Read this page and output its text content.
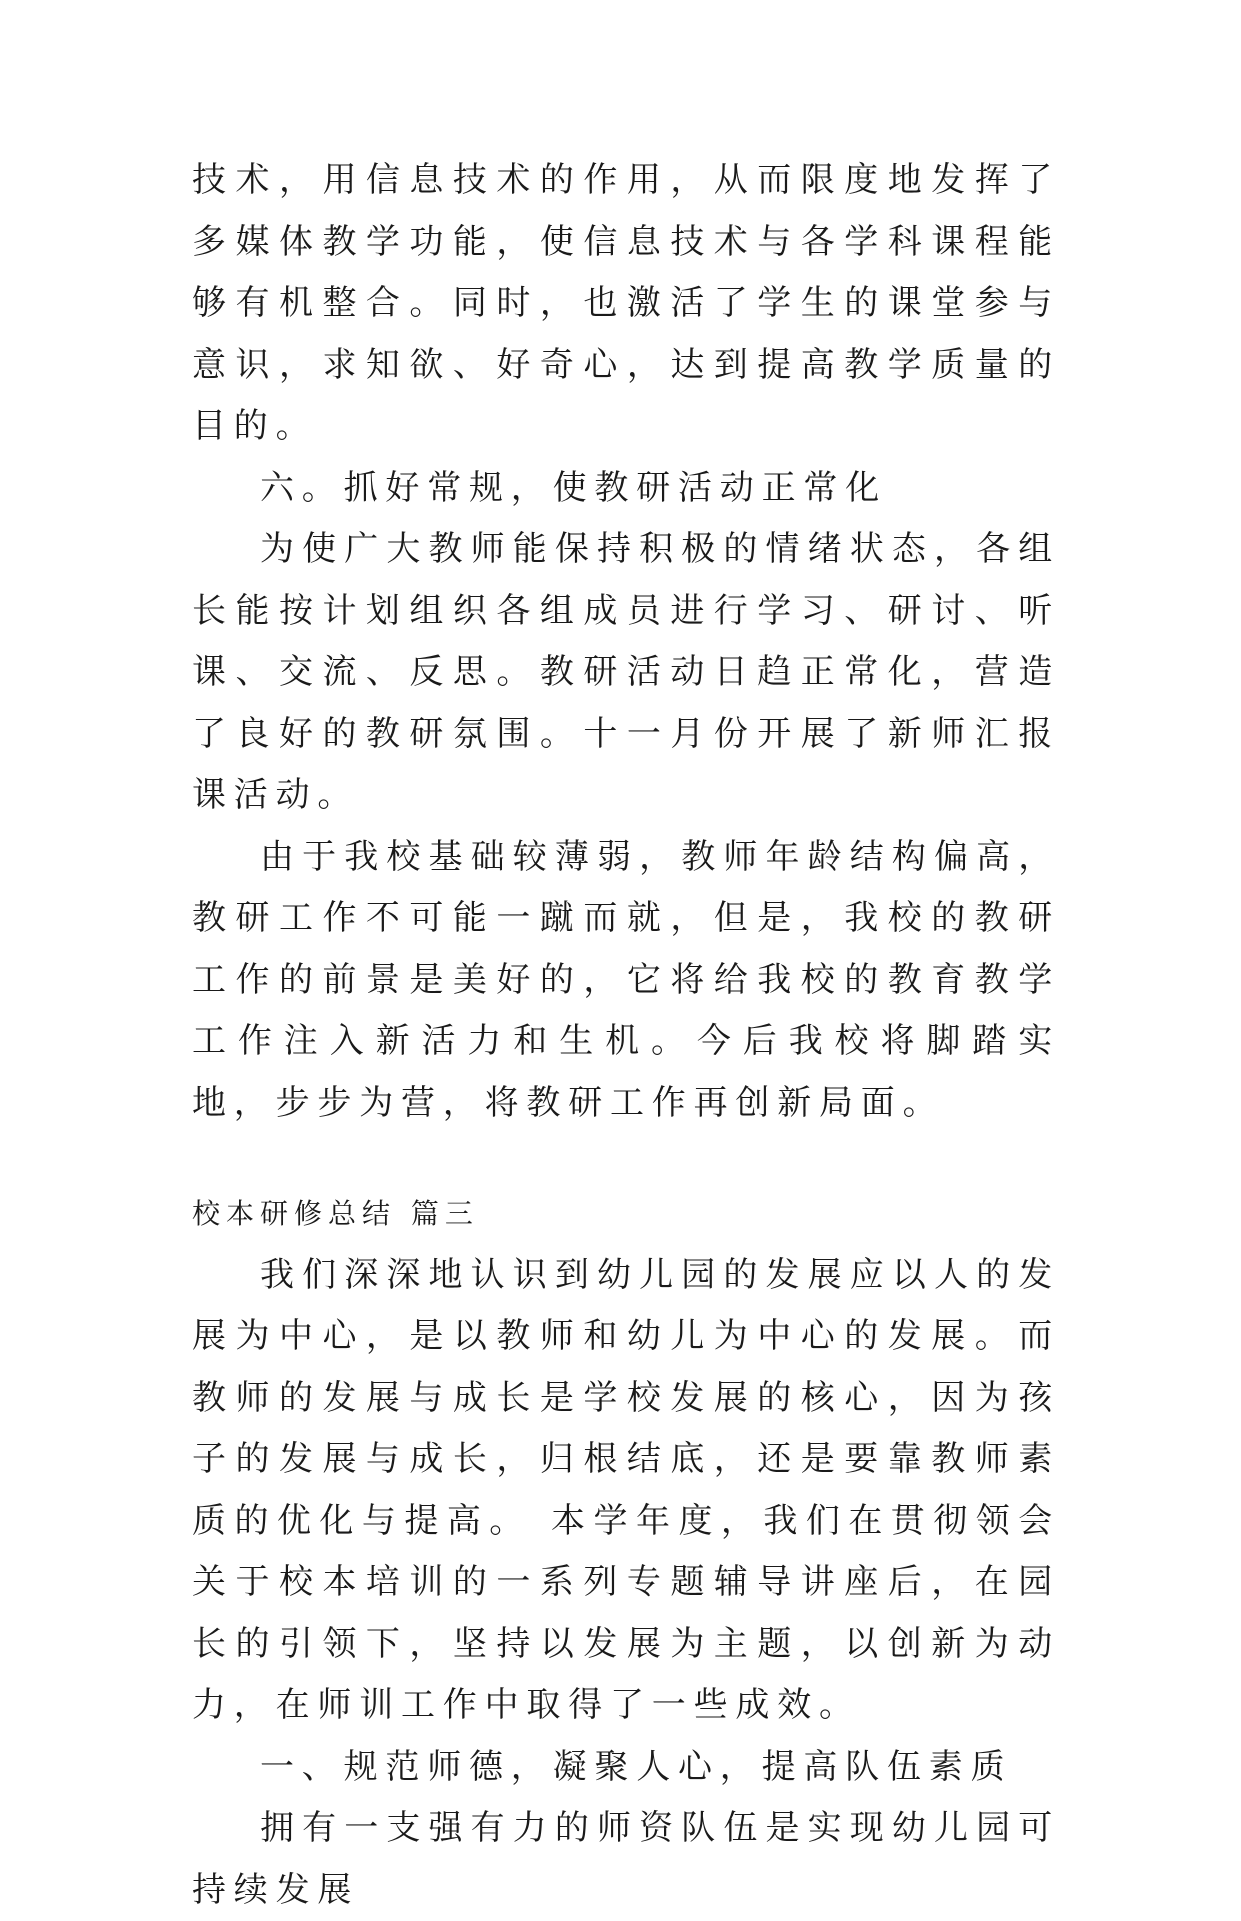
技术，用信息技术的作用，从而限度地发挥了多媒体教学功能，使信息技术与各学科课程能够有机整合。同时，也激活了学生的课堂参与意识，求知欲、好奇心，达到提高教学质量的目的。

六。抓好常规，使教研活动正常化

为使广大教师能保持积极的情绪状态，各组长能按计划组织各组成员进行学习、研讨、听课、交流、反思。教研活动日趋正常化，营造了良好的教研氛围。十一月份开展了新师汇报课活动。

由于我校基础较薄弱，教师年龄结构偏高，教研工作不可能一蹴而就，但是，我校的教研工作的前景是美好的，它将给我校的教育教学工作注入新活力和生机。今后我校将脚踏实地，步步为营，将教研工作再创新局面。

校本研修总结 篇三

我们深深地认识到幼儿园的发展应以人的发展为中心，是以教师和幼儿为中心的发展。而教师的发展与成长是学校发展的核心，因为孩子的发展与成长，归根结底，还是要靠教师素质的优化与提高。 本学年度，我们在贯彻领会关于校本培训的一系列专题辅导讲座后，在园长的引领下，坚持以发展为主题，以创新为动力，在师训工作中取得了一些成效。

一、规范师德，凝聚人心，提高队伍素质

拥有一支强有力的师资队伍是实现幼儿园可持续发展
